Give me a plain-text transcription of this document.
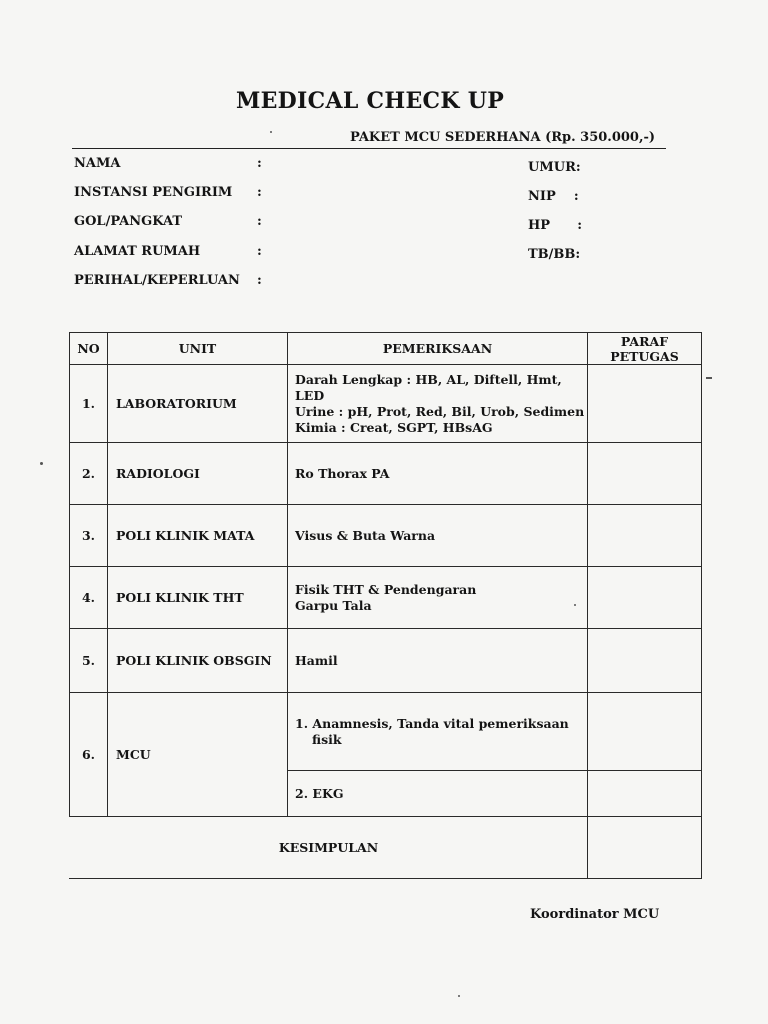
MEDICAL CHECK UP
PAKET MCU SEDERHANA (Rp. 350.000,-)
NAMA	:
INSTANSI PENGIRIM :
GOL/PANGKAT	:
ALAMAT RUMAH	:
PERIHAL/KEPERLUAN :
UMUR:
NIP    :
HP      :
TB/BB:
NO	UNIT	PEMERIKSAAN	PARAF
PETUGAS

1.	LABORATORIUM	Darah Lengkap : HB, AL, Diftell, Hmt,
LED
Urine : pH, Prot, Red, Bil, Urob, Sedimen
Kimia : Creat, SGPT, HBsAG	

2.	RADIOLOGI	Ro Thorax PA	

3.	POLI KLINIK MATA	Visus & Buta Warna	

4.	POLI KLINIK THT	Fisik THT & Pendengaran
Garpu Tala	

5.	POLI KLINIK OBSGIN	Hamil	

6.	MCU	1. Anamnesis, Tanda vital pemeriksaan
fisik	

		2. EKG	

KESIMPULAN			
Koordinator MCU
